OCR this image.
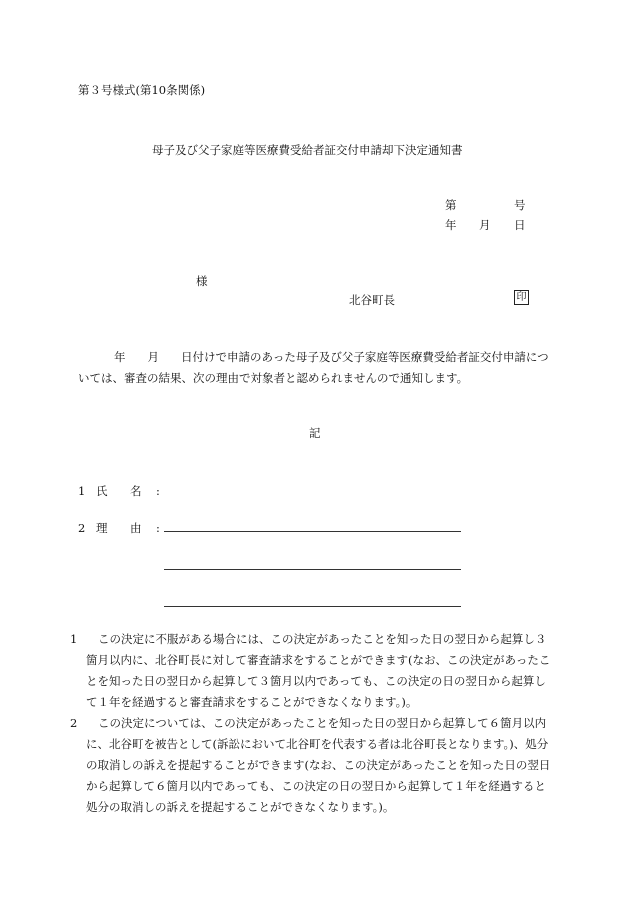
第３号様式(第10条関係)
母子及び父子家庭等医療費受給者証交付申請却下決定通知書
第	号
年 月 日
様
北谷町長	印
年 月 日付けで申請のあった母子及び父子家庭等医療費受給者証交付申請については、審査の結果、次の理由で対象者と認められませんので通知します。
記
1 氏 名 :
2 理 由 :
1 この決定に不服がある場合には、この決定があったことを知った日の翌日から起算し３箇月以内に、北谷町長に対して審査請求をすることができます(なお、この決定があったことを知った日の翌日から起算して３箇月以内であっても、この決定の日の翌日から起算して１年を経過すると審査請求をすることができなくなります。)。
2 この決定については、この決定があったことを知った日の翌日から起算して６箇月以内に、北谷町を被告として(訴訟において北谷町を代表する者は北谷町長となります。)、処分の取消しの訴えを提起することができます(なお、この決定があったことを知った日の翌日から起算して６箇月以内であっても、この決定の日の翌日から起算して１年を経過すると処分の取消しの訴えを提起することができなくなります。)。
